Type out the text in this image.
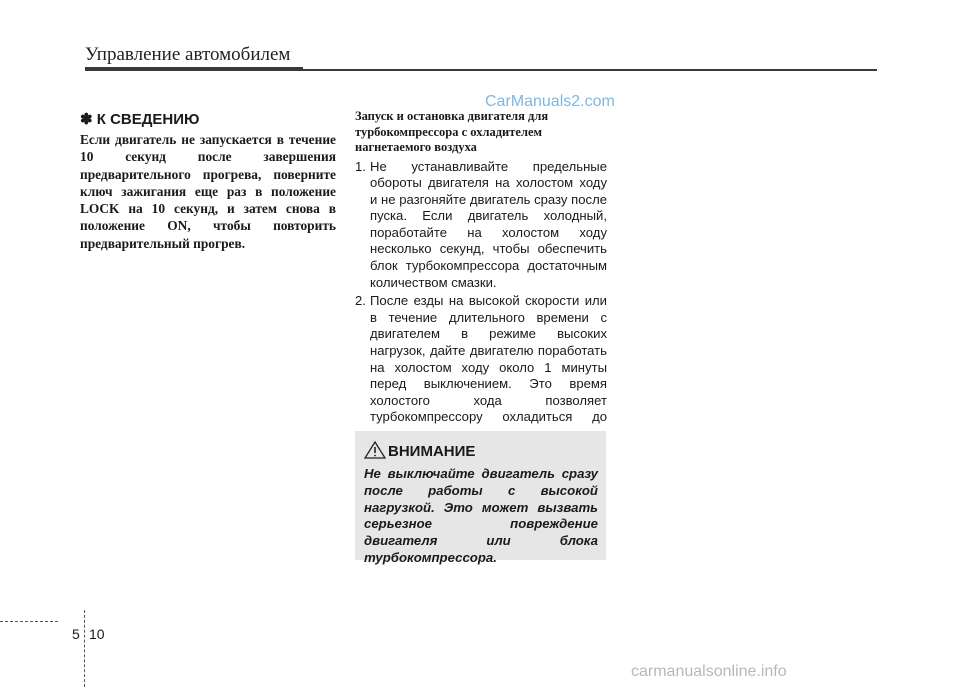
Управление автомобилем
CarManuals2.com
✽ К СВЕДЕНИЮ
Если двигатель не запускается в течение 10 секунд после завершения предварительного прогрева, поверните ключ зажигания еще раз в положение LOCK на 10 секунд, и затем снова в положение ON, чтобы повторить предварительный прогрев.
Запуск и остановка двигателя для турбокомпрессора с охладителем нагнетаемого воздуха
1. Не устанавливайте предельные обороты двигателя на холостом ходу и не разгоняйте двигатель сразу после пуска. Если двигатель холодный, поработайте на холостом ходу несколько секунд, чтобы обеспечить блок турбокомпрессора достаточным количеством смазки.
2. После езды на высокой скорости или в течение длительного времени с двигателем в режиме высоких нагрузок, дайте двигателю поработать на холостом ходу около 1 минуты перед выключением. Это время холостого хода позволяет турбокомпрессору охладиться до
ВНИМАНИЕ
Не выключайте двигатель сразу после работы с высокой нагрузкой. Это может вызвать серьезное повреждение двигателя или блока турбокомпрессора.
5 10
carmanualsonline.info
